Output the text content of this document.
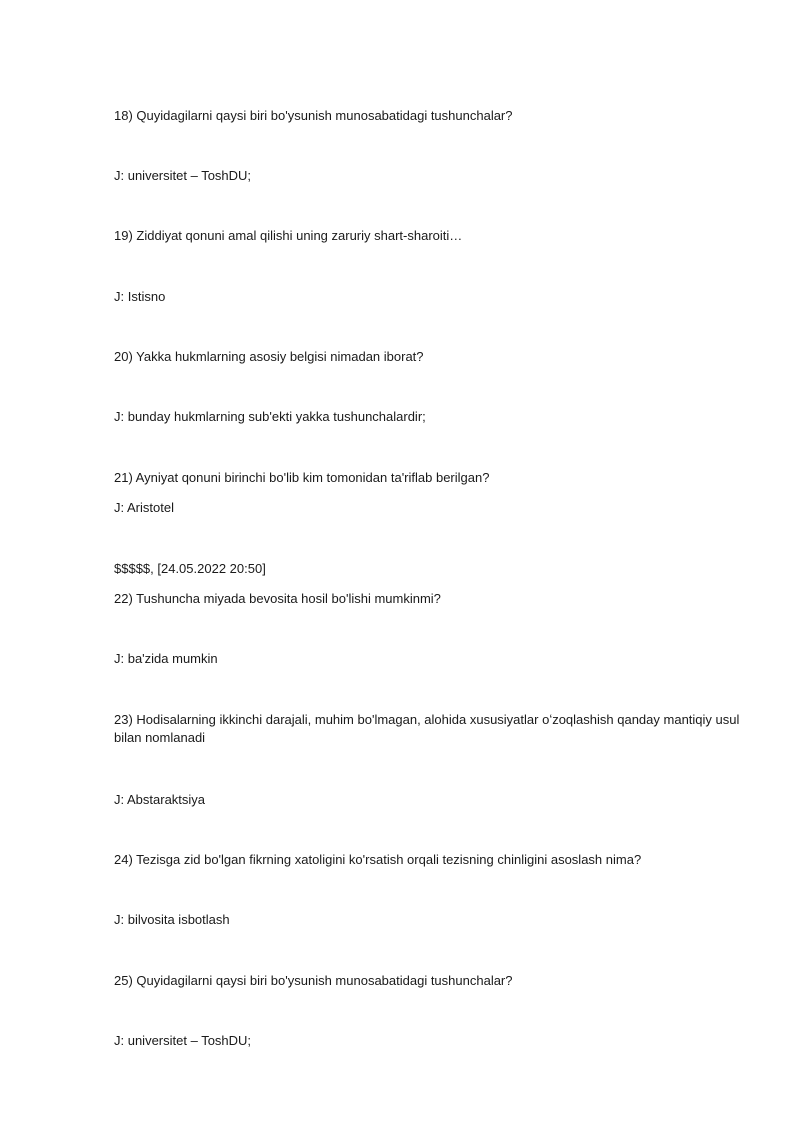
18) Quyidagilarni qaysi biri bo'ysunish munosabatidagi tushunchalar?
J: universitet – ToshDU;
19) Ziddiyat qonuni amal qilishi uning zaruriy shart-sharoiti…
J: Istisno
20) Yakka hukmlarning asosiy belgisi nimadan iborat?
J: bunday hukmlarning sub'ekti yakka tushunchalardir;
21) Ayniyat qonuni birinchi bo'lib kim tomonidan ta'riflab berilgan?
J: Aristotel
$$$$$, [24.05.2022 20:50]
22) Tushuncha miyada bevosita hosil bo'lishi mumkinmi?
J: ba'zida mumkin
23) Hodisalarning ikkinchi darajali, muhim bo'lmagan, alohida xususiyatlar oʻzoqlashish qanday mantiqiy usul bilan nomlanadi
J: Abstaraktsiya
24) Tezisga zid bo'lgan fikrning xatoligini ko'rsatish orqali tezisning chinligini asoslash nima?
J: bilvosita isbotlash
25) Quyidagilarni qaysi biri bo'ysunish munosabatidagi tushunchalar?
J: universitet – ToshDU;
